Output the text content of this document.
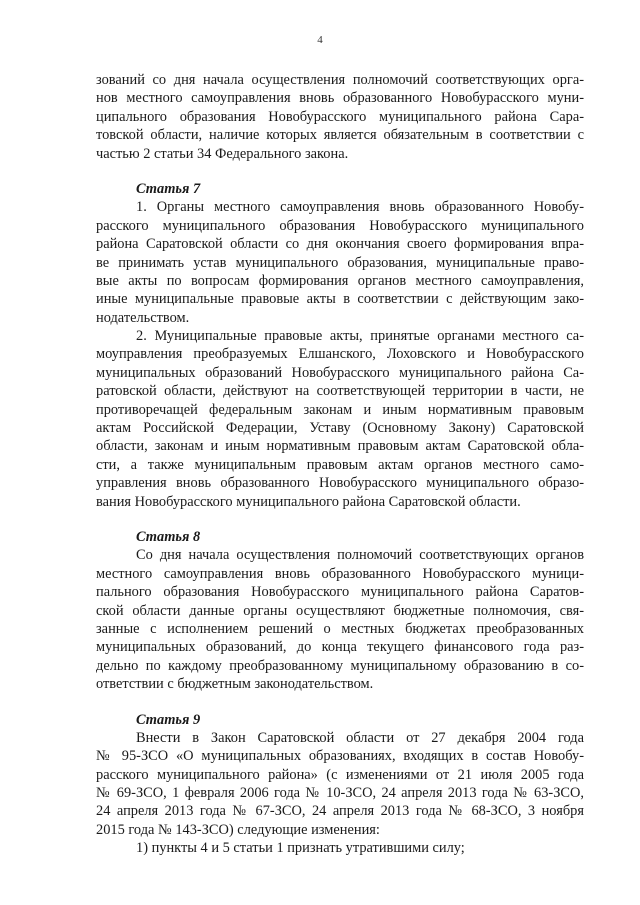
4
зований со дня начала осуществления полномочий соответствующих орга-
нов местного самоуправления вновь образованного Новобурасского муни-
ципального образования Новобурасского муниципального района Сара-
товской области, наличие которых является обязательным в соответствии с
частью 2 статьи 34 Федерального закона.
Статья 7
1. Органы местного самоуправления вновь образованного Новобу-
расского муниципального образования Новобурасского муниципального
района Саратовской области со дня окончания своего формирования впра-
ве принимать устав муниципального образования, муниципальные право-
вые акты по вопросам формирования органов местного самоуправления,
иные муниципальные правовые акты в соответствии с действующим зако-
нодательством.
2. Муниципальные правовые акты, принятые органами местного са-
моуправления преобразуемых Елшанского, Лоховского и Новобурасского
муниципальных образований Новобурасского муниципального района Са-
ратовской области, действуют на соответствующей территории в части, не
противоречащей федеральным законам и иным нормативным правовым
актам Российской Федерации, Уставу (Основному Закону) Саратовской
области, законам и иным нормативным правовым актам Саратовской обла-
сти, а также муниципальным правовым актам органов местного само-
управления вновь образованного Новобурасского муниципального образо-
вания Новобурасского муниципального района Саратовской области.
Статья 8
Со дня начала осуществления полномочий соответствующих органов
местного самоуправления вновь образованного Новобурасского муници-
пального образования Новобурасского муниципального района Саратов-
ской области данные органы осуществляют бюджетные полномочия, свя-
занные с исполнением решений о местных бюджетах преобразованных
муниципальных образований, до конца текущего финансового года раз-
дельно по каждому преобразованному муниципальному образованию в со-
ответствии с бюджетным законодательством.
Статья 9
Внести в Закон Саратовской области от 27 декабря 2004 года
№ 95-ЗСО «О муниципальных образованиях, входящих в состав Новобу-
расского муниципального района» (с изменениями от 21 июля 2005 года
№ 69-ЗСО, 1 февраля 2006 года № 10-ЗСО, 24 апреля 2013 года № 63-ЗСО,
24 апреля 2013 года № 67-ЗСО, 24 апреля 2013 года № 68-ЗСО, 3 ноября
2015 года № 143-ЗСО) следующие изменения:
1) пункты 4 и 5 статьи 1 признать утратившими силу;
